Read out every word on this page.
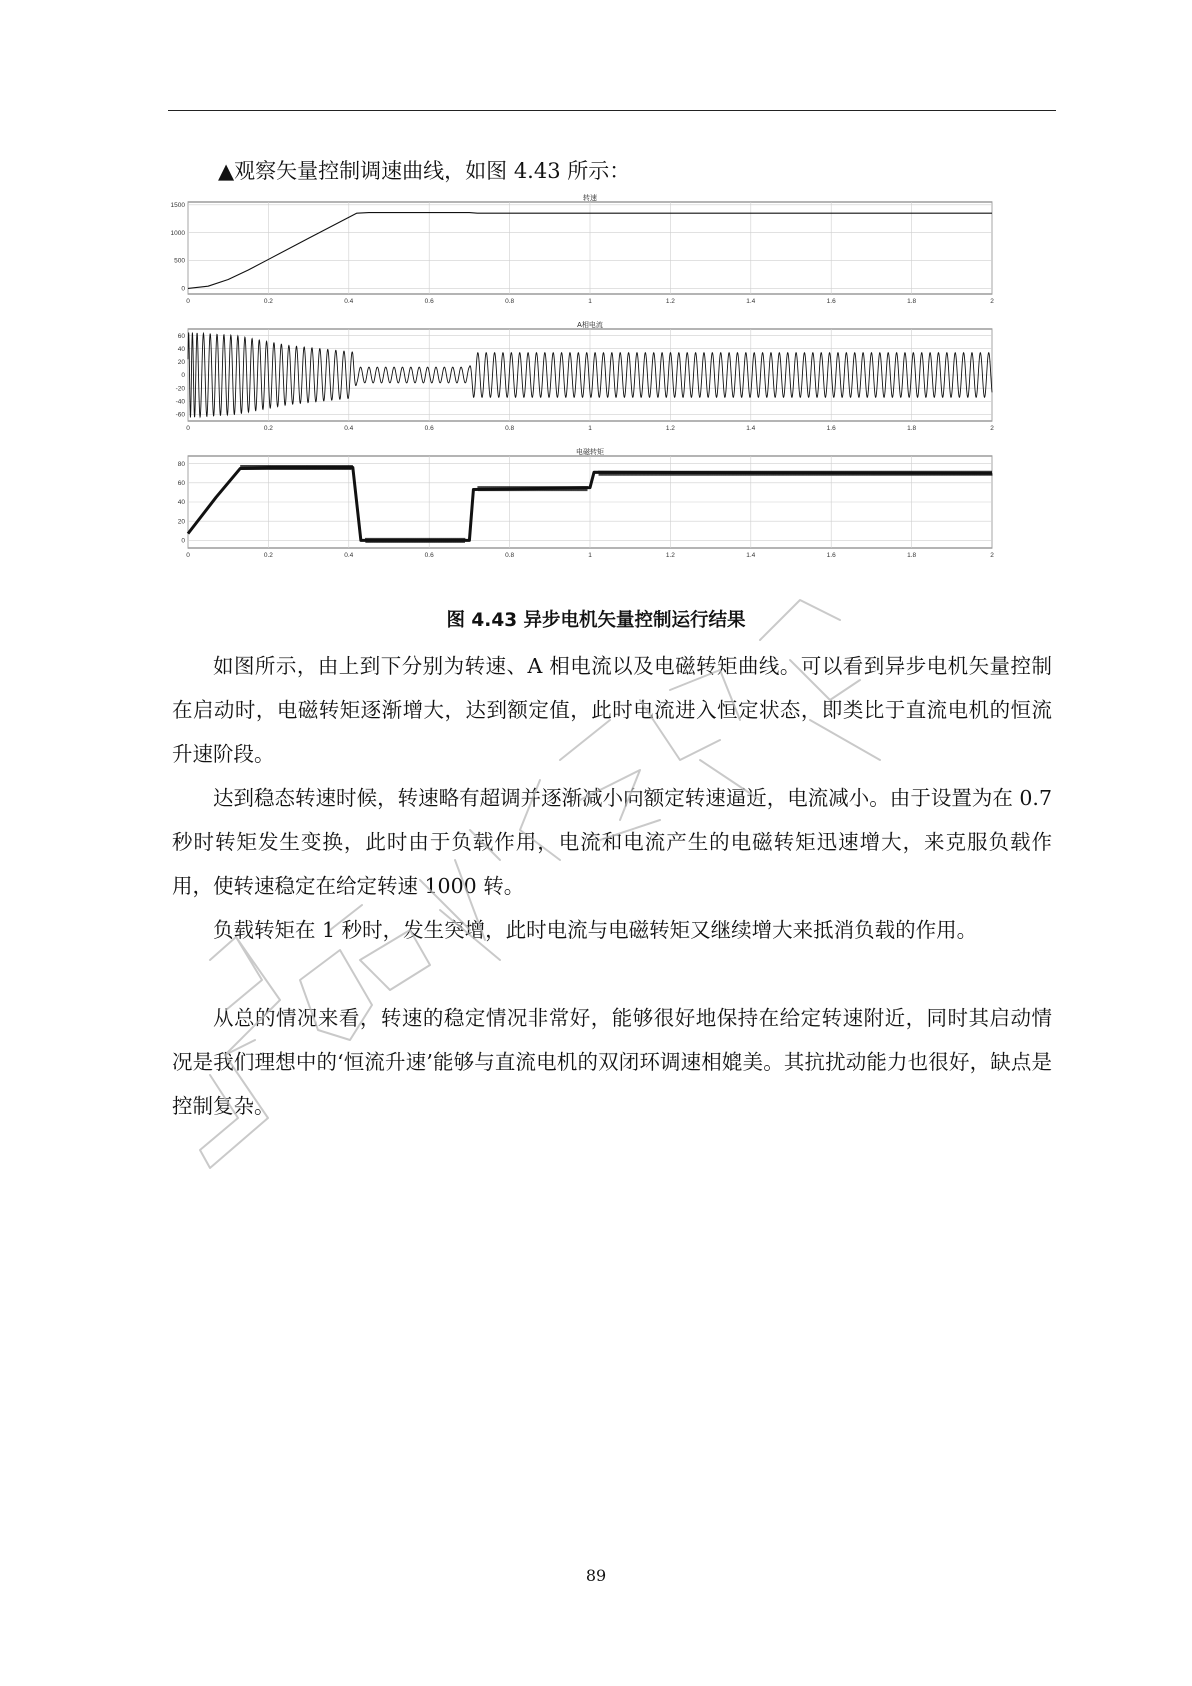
▲观察矢量控制调速曲线，如图 4.43 所示：
转速
0	0.2	0.4	0.6	0.8	1	1.2	1.4	1.6	1.8	2
1500
1000
500
0
A相电流
0	0.2	0.4	0.6	0.8	1	1.2	1.4	1.6	1.8	2
60
40
20
0
-20
-40
-60
电磁转矩
0	0.2	0.4	0.6	0.8	1	1.2	1.4	1.6	1.8	2
80
60
40
20
0
图 4.43 异步电机矢量控制运行结果

如图所示，由上到下分别为转速、A 相电流以及电磁转矩曲线。可以看到异步电机矢量控制在启动时，电磁转矩逐渐增大，达到额定值，此时电流进入恒定状态，即类比于直流电机的恒流升速阶段。

达到稳态转速时候，转速略有超调并逐渐减小向额定转速逼近，电流减小。由于设置为在 0.7 秒时转矩发生变换，此时由于负载作用，电流和电流产生的电磁转矩迅速增大，来克服负载作用，使转速稳定在给定转速 1000 转。

负载转矩在 1 秒时，发生突增，此时电流与电磁转矩又继续增大来抵消负载的作用。

从总的情况来看，转速的稳定情况非常好，能够很好地保持在给定转速附近，同时其启动情况是我们理想中的‘恒流升速’能够与直流电机的双闭环调速相媲美。其抗扰动能力也很好，缺点是控制复杂。

89
